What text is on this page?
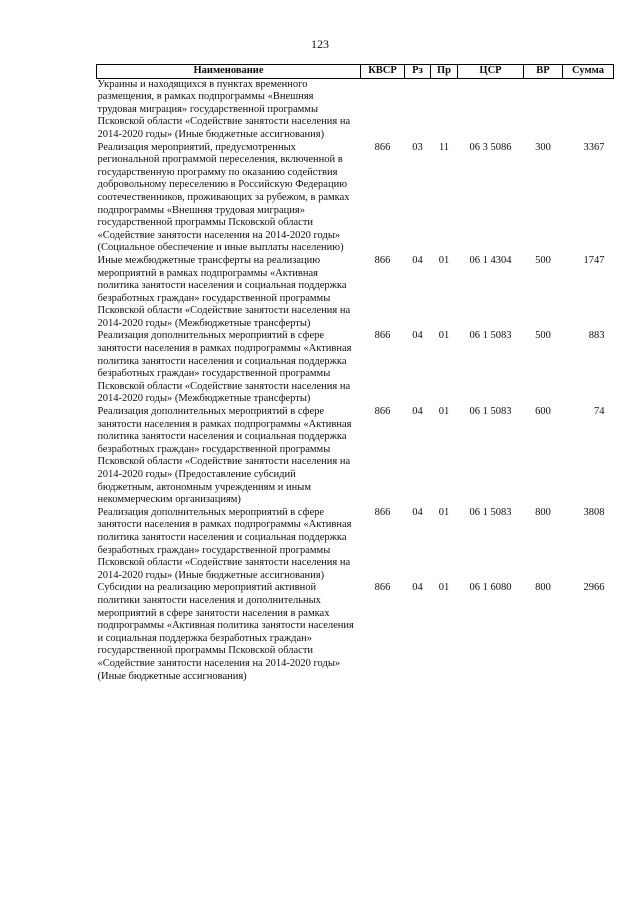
123
Наименование	КВСР	Рз	Пр	ЦСР	ВР	Сумма
Украины и находящихся в пунктах временного размещения, в рамках подпрограммы «Внешняя трудовая миграция» государственной программы Псковской области «Содействие занятости населения на 2014-2020 годы» (Иные бюджетные ассигнования)						
Реализация мероприятий, предусмотренных региональной программой переселения, включенной в государственную программу по оказанию содействия добровольному переселению в Российскую Федерацию соотечественников, проживающих за рубежом, в рамках подпрограммы «Внешняя трудовая миграция» государственной программы Псковской области «Содействие занятости населения на 2014-2020 годы» (Социальное обеспечение и иные выплаты населению)	866	03	11	06 3 5086	300	3367
Иные межбюджетные трансферты на реализацию мероприятий в рамках подпрограммы «Активная политика занятости населения и социальная поддержка безработных граждан» государственной программы Псковской области «Содействие занятости населения на 2014-2020 годы» (Межбюджетные трансферты)	866	04	01	06 1 4304	500	1747
Реализация дополнительных мероприятий в сфере занятости населения в рамках подпрограммы «Активная политика занятости населения и социальная поддержка безработных граждан» государственной программы Псковской области «Содействие занятости населения на 2014-2020 годы» (Межбюджетные трансферты)	866	04	01	06 1 5083	500	883
Реализация дополнительных мероприятий в сфере занятости населения в рамках подпрограммы «Активная политика занятости населения и социальная поддержка безработных граждан» государственной программы Псковской области «Содействие занятости населения на 2014-2020 годы» (Предоставление субсидий бюджетным, автономным учреждениям и иным некоммерческим организациям)	866	04	01	06 1 5083	600	74
Реализация дополнительных мероприятий в сфере занятости населения в рамках подпрограммы «Активная политика занятости населения и социальная поддержка безработных граждан» государственной программы Псковской области «Содействие занятости населения на 2014-2020 годы» (Иные бюджетные ассигнования)	866	04	01	06 1 5083	800	3808
Субсидии на реализацию мероприятий активной политики занятости населения и дополнительных мероприятий в сфере занятости населения в рамках подпрограммы «Активная политика занятости населения и социальная поддержка безработных граждан» государственной программы Псковской области «Содействие занятости населения на 2014-2020 годы» (Иные бюджетные ассигнования)	866	04	01	06 1 6080	800	2966
